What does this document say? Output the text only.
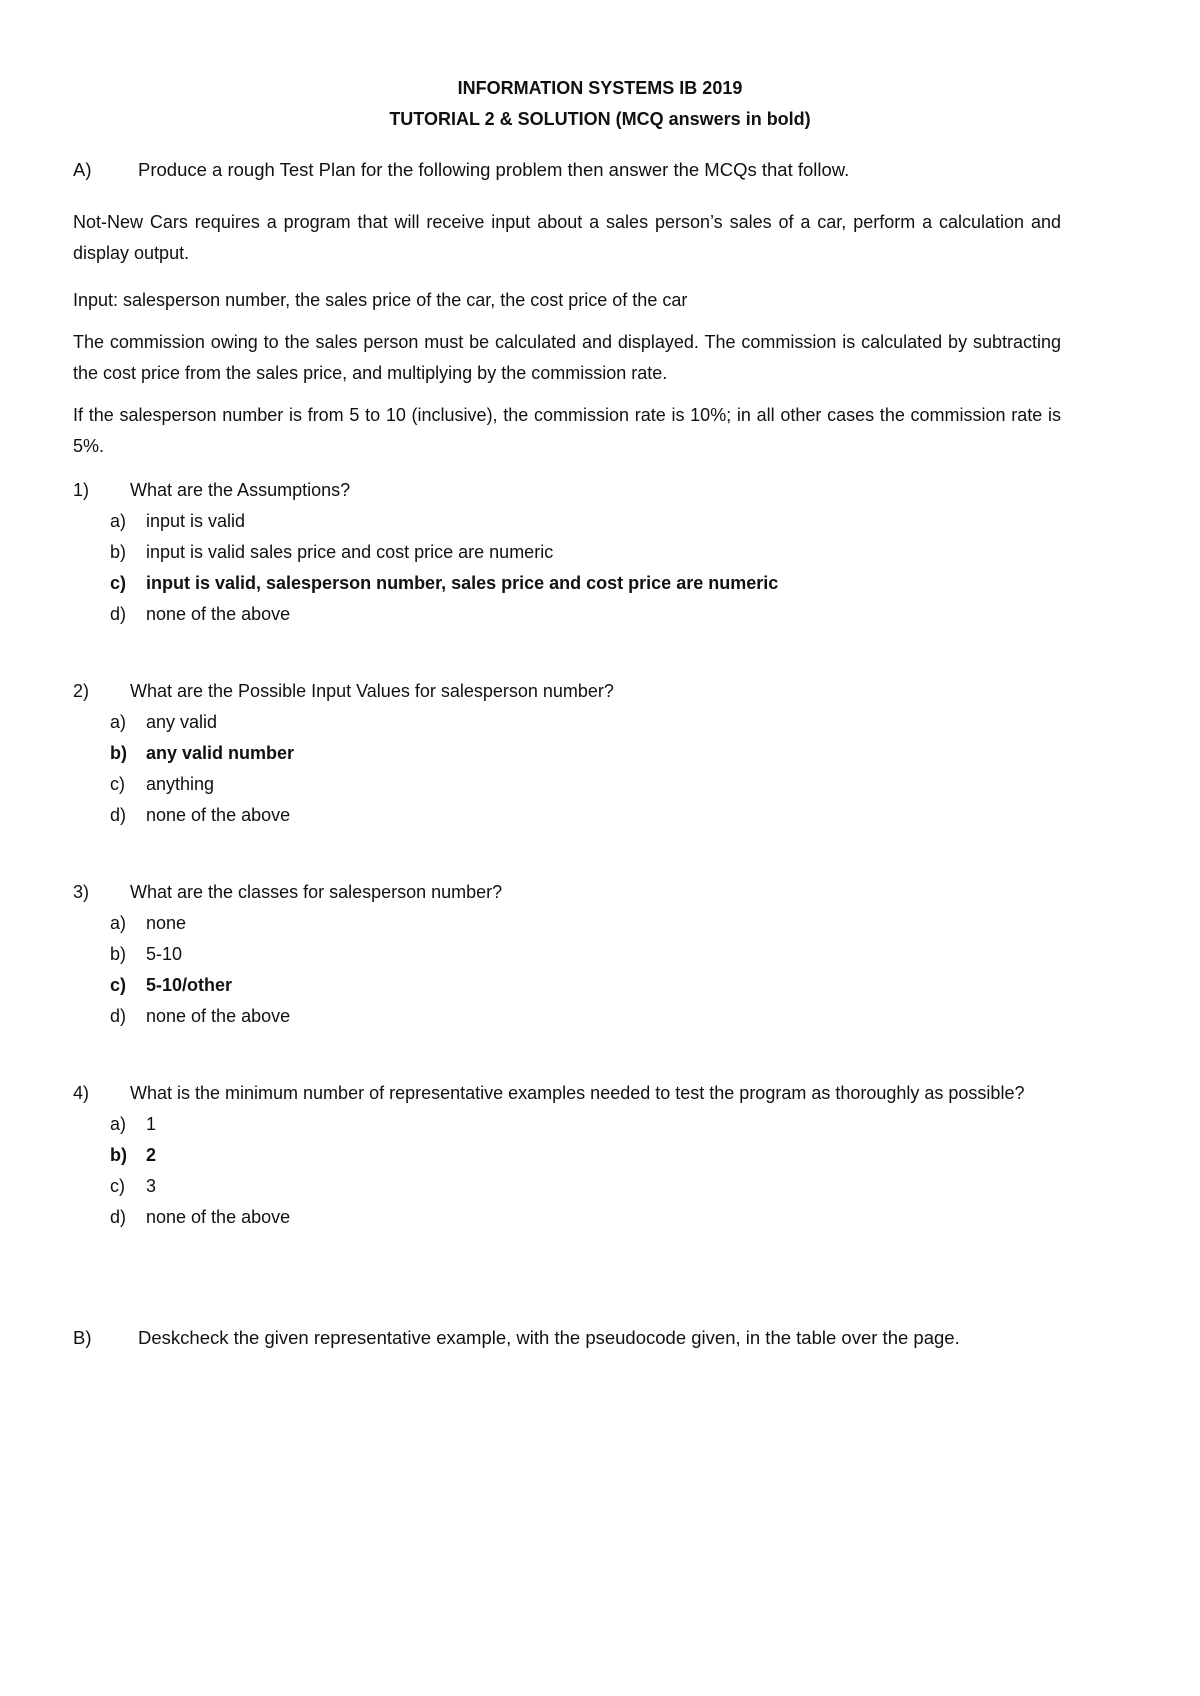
INFORMATION SYSTEMS IB 2019

TUTORIAL 2 & SOLUTION (MCQ answers in bold)

A)	Produce a rough Test Plan for the following problem then answer the MCQs that follow.

Not-New Cars requires a program that will receive input about a sales person’s sales of a car, perform a calculation and display output.

Input: salesperson number, the sales price of the car, the cost price of the car

The commission owing to the sales person must be calculated and displayed. The commission is calculated by subtracting the cost price from the sales price, and multiplying by the commission rate.

If the salesperson number is from 5 to 10 (inclusive), the commission rate is 10%; in all other cases the commission rate is 5%.

1) What are the Assumptions?
a) input is valid
b) input is valid sales price and cost price are numeric
c) input is valid, salesperson number, sales price and cost price are numeric
d) none of the above
2) What are the Possible Input Values for salesperson number?
a) any valid
b) any valid number
c) anything
d) none of the above
3) What are the classes for salesperson number?
a) none
b) 5-10
c) 5-10/other
d) none of the above
4) What is the minimum number of representative examples needed to test the program as thoroughly as possible?
a) 1
b) 2
c) 3
d) none of the above
B)	Deskcheck the given representative example, with the pseudocode given, in the table over the page.
